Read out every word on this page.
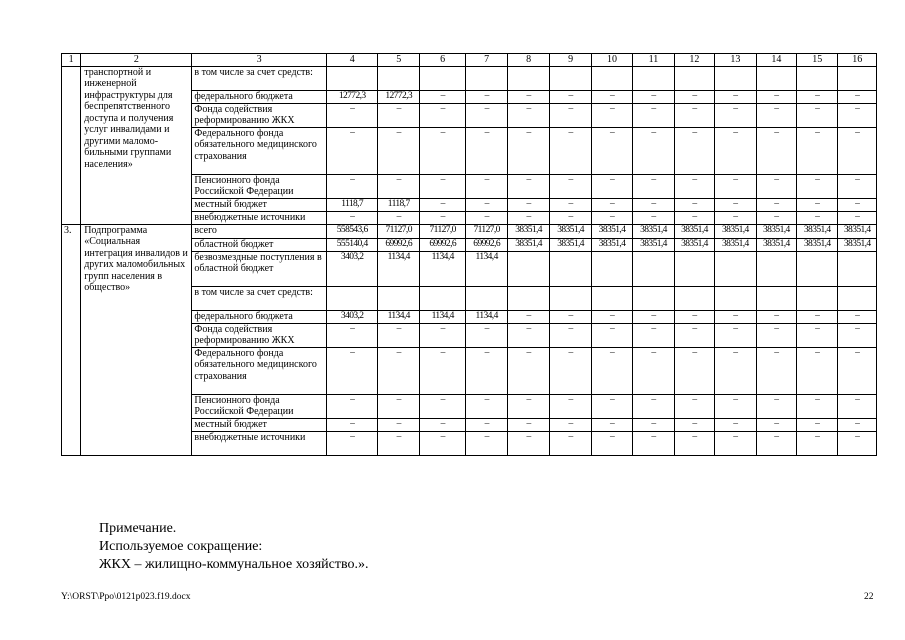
1	2	3	4	5	6	7	8	9	10	11	12	13	14	15	16
	транспортной и инженерной инфраструктуры для беспрепятственного доступа и получения услуг инвалидами и другими маломо-бильными группами населения»	в том числе за счет средств:													
		федерального бюджета	12772,3	12772,3	–	–	–	–	–	–	–	–	–	–	–
		Фонда содействия реформированию ЖКХ	–	–	–	–	–	–	–	–	–	–	–	–	–
		Федерального фонда обязательного медицинского страхования	–	–	–	–	–	–	–	–	–	–	–	–	–
		Пенсионного фонда Российской Федерации	–	–	–	–	–	–	–	–	–	–	–	–	–
		местный бюджет	1118,7	1118,7	–	–	–	–	–	–	–	–	–	–	–
		внебюджетные источники	–	–	–	–	–	–	–	–	–	–	–	–	–
3.	Подпрограмма «Социальная интеграция инвалидов и других маломобильных групп населения в общество»	всего	558543,6	71127,0	71127,0	71127,0	38351,4	38351,4	38351,4	38351,4	38351,4	38351,4	38351,4	38351,4	38351,4
		областной бюджет	555140,4	69992,6	69992,6	69992,6	38351,4	38351,4	38351,4	38351,4	38351,4	38351,4	38351,4	38351,4	38351,4
		безвозмездные поступления в областной бюджет	3403,2	1134,4	1134,4	1134,4									
		в том числе за счет средств:													
		федерального бюджета	3403,2	1134,4	1134,4	1134,4	–	–	–	–	–	–	–	–	–
		Фонда содействия реформированию ЖКХ	–	–	–	–	–	–	–	–	–	–	–	–	–
		Федерального фонда обязательного медицинского страхования	–	–	–	–	–	–	–	–	–	–	–	–	–
		Пенсионного фонда Российской Федерации	–	–	–	–	–	–	–	–	–	–	–	–	–
		местный бюджет	–	–	–	–	–	–	–	–	–	–	–	–	–
		внебюджетные источники	–	–	–	–	–	–	–	–	–	–	–	–	–
Примечание.
Используемое сокращение:
ЖКХ – жилищно-коммунальное хозяйство.».
Y:\ORST\Ppo\0121p023.f19.docx	22
